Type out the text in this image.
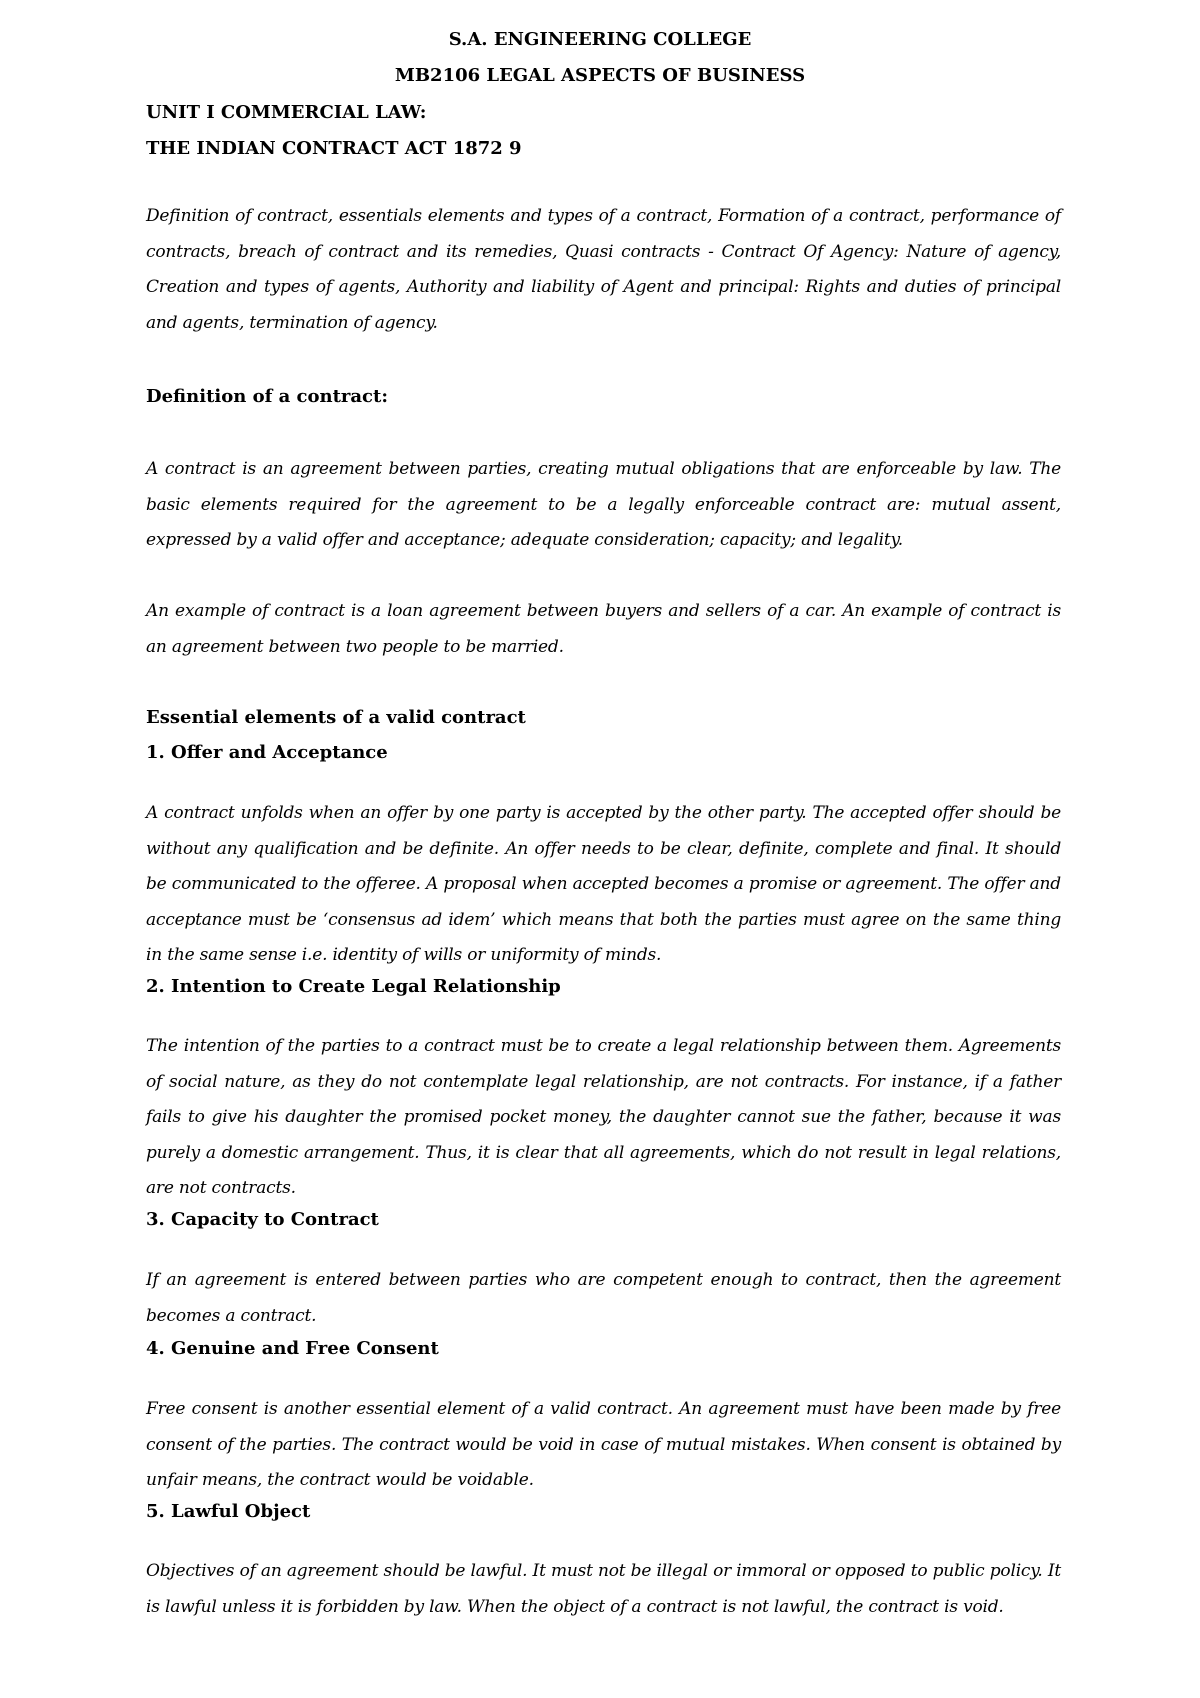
S.A. ENGINEERING COLLEGE
MB2106 LEGAL ASPECTS OF BUSINESS
UNIT I COMMERCIAL LAW:
THE INDIAN CONTRACT ACT 1872 9
Definition of contract, essentials elements and types of a contract, Formation of a contract, performance of contracts, breach of contract and its remedies, Quasi contracts - Contract Of Agency: Nature of agency, Creation and types of agents, Authority and liability of Agent and principal: Rights and duties of principal and agents, termination of agency.
Definition of a contract:
A contract is an agreement between parties, creating mutual obligations that are enforceable by law. The basic elements required for the agreement to be a legally enforceable contract are: mutual assent, expressed by a valid offer and acceptance; adequate consideration; capacity; and legality.
An example of contract is a loan agreement between buyers and sellers of a car. An example of contract is an agreement between two people to be married.
Essential elements of a valid contract
1. Offer and Acceptance
A contract unfolds when an offer by one party is accepted by the other party. The accepted offer should be without any qualification and be definite. An offer needs to be clear, definite, complete and final. It should be communicated to the offeree. A proposal when accepted becomes a promise or agreement. The offer and acceptance must be ‘consensus ad idem’ which means that both the parties must agree on the same thing in the same sense i.e. identity of wills or uniformity of minds.
2. Intention to Create Legal Relationship
The intention of the parties to a contract must be to create a legal relationship between them. Agreements of social nature, as they do not contemplate legal relationship, are not contracts. For instance, if a father fails to give his daughter the promised pocket money, the daughter cannot sue the father, because it was purely a domestic arrangement. Thus, it is clear that all agreements, which do not result in legal relations, are not contracts.
3. Capacity to Contract
If an agreement is entered between parties who are competent enough to contract, then the agreement becomes a contract.
4. Genuine and Free Consent
Free consent is another essential element of a valid contract. An agreement must have been made by free consent of the parties. The contract would be void in case of mutual mistakes. When consent is obtained by unfair means, the contract would be voidable.
5. Lawful Object
Objectives of an agreement should be lawful. It must not be illegal or immoral or opposed to public policy. It is lawful unless it is forbidden by law. When the object of a contract is not lawful, the contract is void.
